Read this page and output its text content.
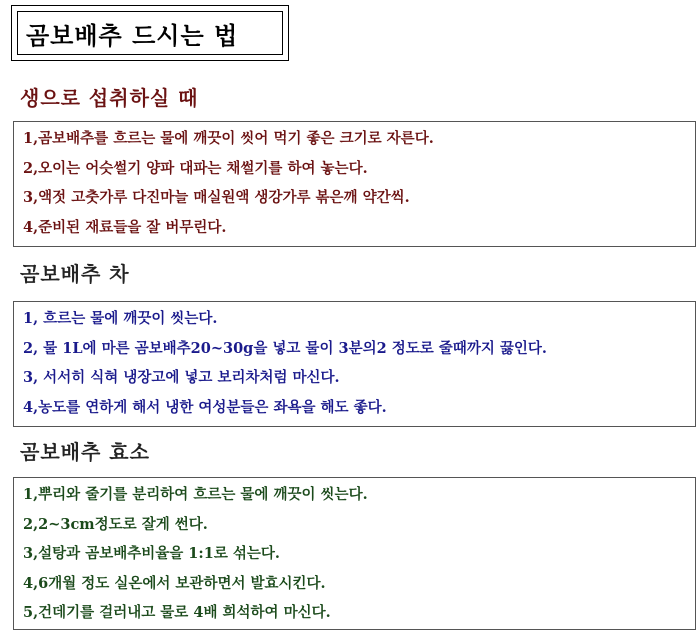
곰보배추 드시는 법
생으로 섭취하실 때
1,곰보배추를 흐르는 물에 깨끗이 씻어 먹기 좋은 크기로 자른다.
2,오이는 어슷썰기 양파 대파는 채썰기를 하여 놓는다.
3,액젓 고춧가루 다진마늘 매실원액 생강가루 볶은깨 약간씩.
4,준비된 재료들을 잘 버무린다.
곰보배추 차
1, 흐르는 물에 깨끗이 씻는다.
2, 물 1L에 마른 곰보배추20~30g을 넣고 물이 3분의2 정도로 줄때까지 끓인다.
3, 서서히 식혀 냉장고에 넣고 보리차처럼 마신다.
4,농도를 연하게 해서 냉한 여성분들은 좌욕을 해도 좋다.
곰보배추 효소
1,뿌리와 줄기를 분리하여 흐르는 물에 깨끗이 씻는다.
2,2~3cm정도로 잘게 썬다.
3,설탕과 곰보배추비율을 1:1로 섞는다.
4,6개월 정도 실온에서 보관하면서 발효시킨다.
5,건데기를 걸러내고 물로 4배 희석하여 마신다.
